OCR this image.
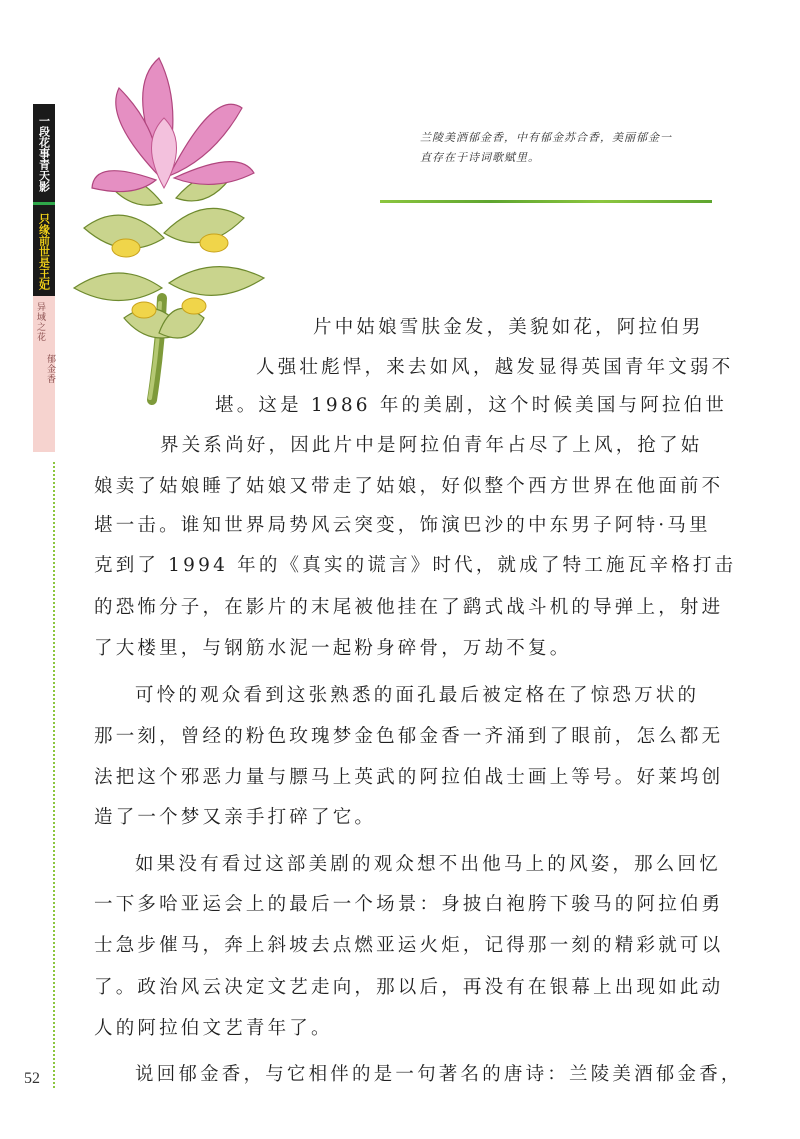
一段花事青天影
只缘前世是王妃
异域之花
郁金香
52
兰陵美酒郁金香，中有郁金苏合香，美丽郁金一
直存在于诗词歌赋里。
片中姑娘雪肤金发，美貌如花，阿拉伯男
人强壮彪悍，来去如风，越发显得英国青年文弱不
堪。这是 1986 年的美剧，这个时候美国与阿拉伯世
界关系尚好，因此片中是阿拉伯青年占尽了上风，抢了姑
娘卖了姑娘睡了姑娘又带走了姑娘，好似整个西方世界在他面前不
堪一击。谁知世界局势风云突变，饰演巴沙的中东男子阿特·马里
克到了 1994 年的《真实的谎言》时代，就成了特工施瓦辛格打击
的恐怖分子，在影片的末尾被他挂在了鹞式战斗机的导弹上，射进
了大楼里，与钢筋水泥一起粉身碎骨，万劫不复。
可怜的观众看到这张熟悉的面孔最后被定格在了惊恐万状的
那一刻，曾经的粉色玫瑰梦金色郁金香一齐涌到了眼前，怎么都无
法把这个邪恶力量与膘马上英武的阿拉伯战士画上等号。好莱坞创
造了一个梦又亲手打碎了它。
如果没有看过这部美剧的观众想不出他马上的风姿，那么回忆
一下多哈亚运会上的最后一个场景：身披白袍胯下骏马的阿拉伯勇
士急步催马，奔上斜坡去点燃亚运火炬，记得那一刻的精彩就可以
了。政治风云决定文艺走向，那以后，再没有在银幕上出现如此动
人的阿拉伯文艺青年了。
说回郁金香，与它相伴的是一句著名的唐诗：兰陵美酒郁金香，
